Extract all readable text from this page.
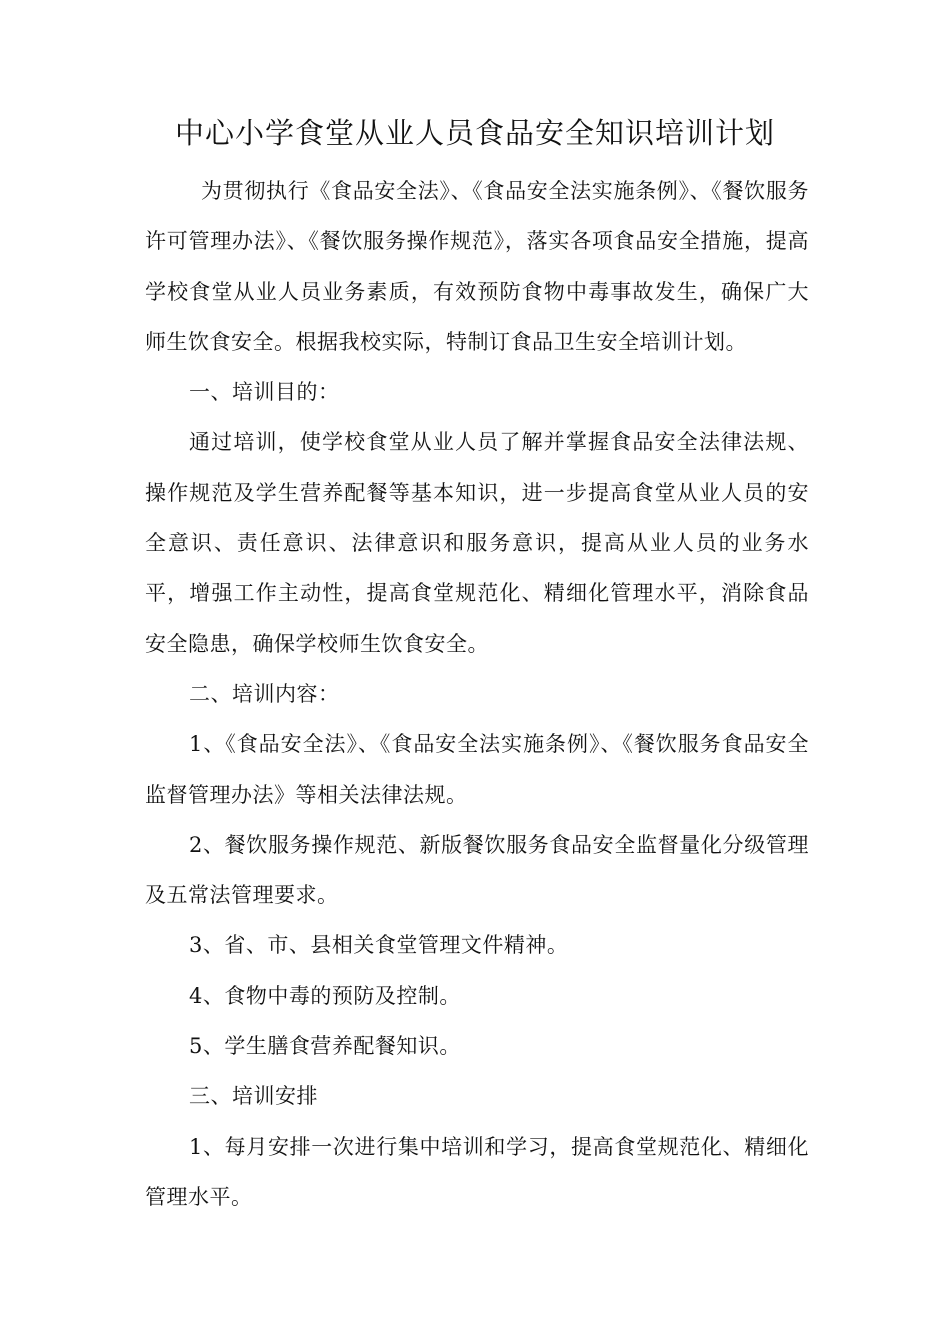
中心小学食堂从业人员食品安全知识培训计划

为贯彻执行《食品安全法》、《食品安全法实施条例》、《餐饮服务许可管理办法》、《餐饮服务操作规范》，落实各项食品安全措施，提高学校食堂从业人员业务素质，有效预防食物中毒事故发生，确保广大师生饮食安全。根据我校实际，特制订食品卫生安全培训计划。

一、培训目的：

通过培训，使学校食堂从业人员了解并掌握食品安全法律法规、操作规范及学生营养配餐等基本知识，进一步提高食堂从业人员的安全意识、责任意识、法律意识和服务意识，提高从业人员的业务水平，增强工作主动性，提高食堂规范化、精细化管理水平，消除食品安全隐患，确保学校师生饮食安全。

二、培训内容：

1、《食品安全法》、《食品安全法实施条例》、《餐饮服务食品安全监督管理办法》等相关法律法规。

2、餐饮服务操作规范、新版餐饮服务食品安全监督量化分级管理及五常法管理要求。

3、省、市、县相关食堂管理文件精神。

4、食物中毒的预防及控制。

5、学生膳食营养配餐知识。

三、培训安排

1、每月安排一次进行集中培训和学习，提高食堂规范化、精细化管理水平。
